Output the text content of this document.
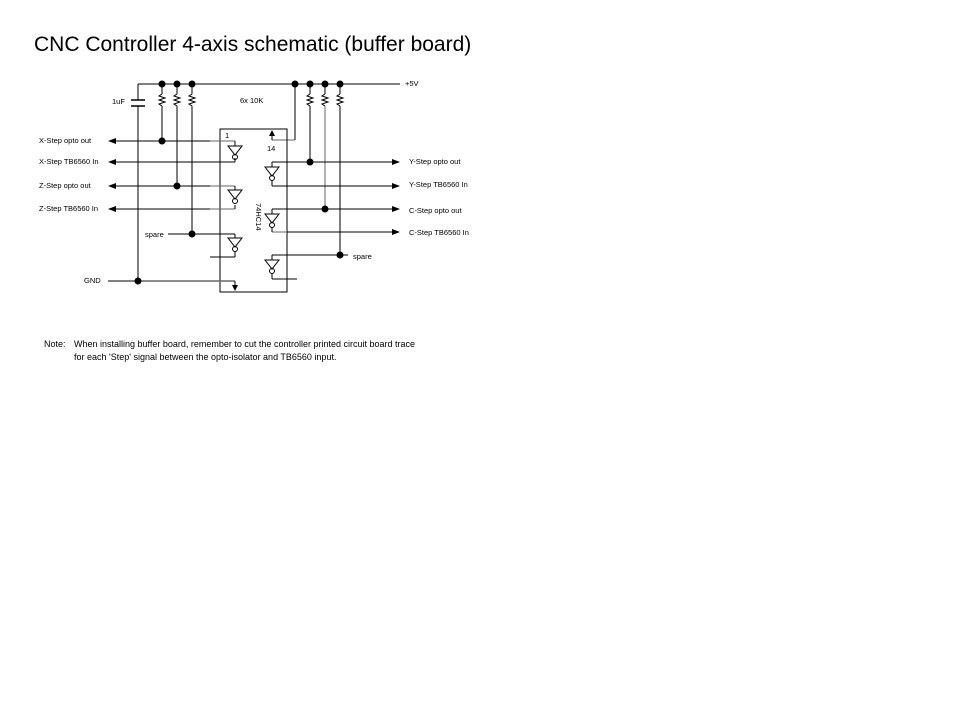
CNC Controller 4-axis schematic (buffer board)
+5V
1uF	6x 10K
1
14
74HC14
X-Step opto out
X-Step TB6560 In
Z-Step opto out
Z-Step TB6560 In
spare
GND
Y-Step opto out
Y-Step TB6560 In
C-Step opto out
C-Step TB6560 In
spare
Note: When installing buffer board, remember to cut the controller printed circuit board trace
for each 'Step' signal between the opto-isolator and TB6560 input.
